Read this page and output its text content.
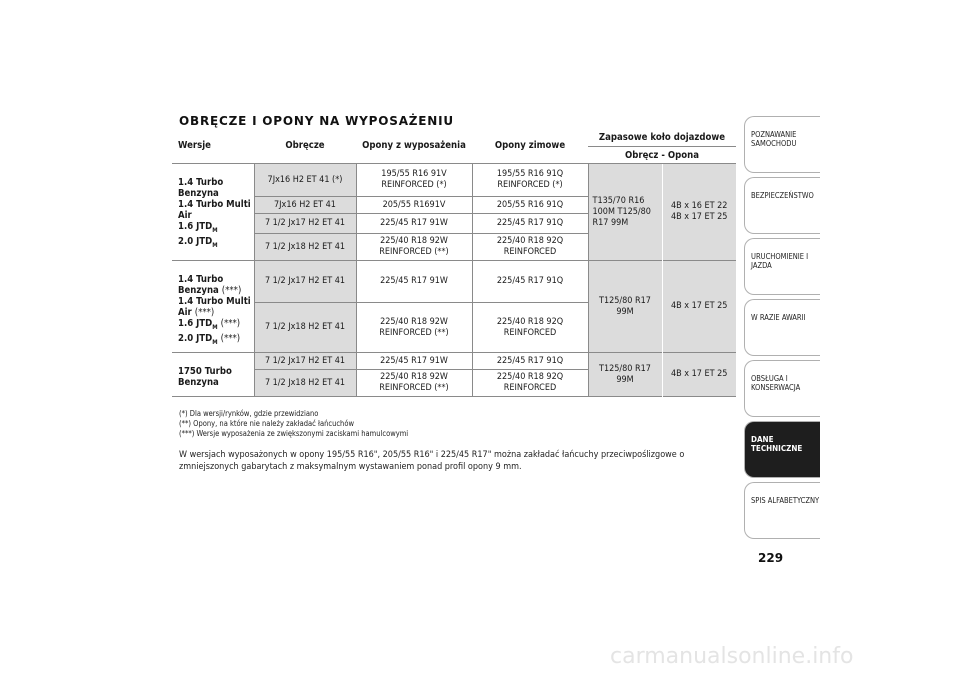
OBRĘCZE I OPONY NA WYPOSAŻENIU
Wersje	Obręcze	Opony z wyposażenia	Opony zimowe	Zapasowe koło dojazdowe	
				Obręcz - Opona	

1.4 Turbo Benzyna
1.4 Turbo Multi Air
1.6 $JTD_M$
2.0 $JTD_M$	7Jx16 H2 ET 41 (*)	195/55 R16 91V REINFORCED (*)	195/55 R16 91Q REINFORCED (*)	T135/70 R16 100M T125/80 R17 99M	4B x 16 ET 22 4B x 17 ET 25
	7Jx16 H2 ET 41	205/55 R1691V	205/55 R16 91Q		
	7 1/2 Jx17 H2 ET 41	225/45 R17 91W	225/45 R17 91Q		
	7 1/2 Jx18 H2 ET 41	225/40 R18 92W REINFORCED (**)	225/40 R18 92Q REINFORCED		

1.4 Turbo Benzyna (***)
1.4 Turbo Multi Air (***)
1.6 $JTD_M$ (***)
2.0 $JTD_M$ (***)	7 1/2 Jx17 H2 ET 41	225/45 R17 91W	225/45 R17 91Q	T125/80 R17 99M	4B x 17 ET 25
	7 1/2 Jx18 H2 ET 41	225/40 R18 92W REINFORCED (**)	225/40 R18 92Q REINFORCED		

1750 Turbo Benzyna	7 1/2 Jx17 H2 ET 41	225/45 R17 91W	225/45 R17 91Q	T125/80 R17 99M	4B x 17 ET 25
	7 1/2 Jx18 H2 ET 41	225/40 R18 92W REINFORCED (**)	225/40 R18 92Q REINFORCED		

(*) Dla wersji/rynków, gdzie przewidziano
(**) Opony, na które nie należy zakładać łańcuchów
(***) Wersje wyposażenia ze zwiększonymi zaciskami hamulcowymi
W wersjach wyposażonych w opony 195/55 R16", 205/55 R16" i 225/45 R17" można zakładać łańcuchy przeciwpoślizgowe o zmniejszonych gabarytach z maksymalnym wystawaniem ponad profil opony 9 mm.
POZNAWANIE SAMOCHODU
BEZPIECZEŃSTWO
URUCHOMIENIE I JAZDA
W RAZIE AWARII
OBSŁUGA I KONSERWACJA
DANE TECHNICZNE
SPIS ALFABETYCZNY
229
carmanualsonline.info
